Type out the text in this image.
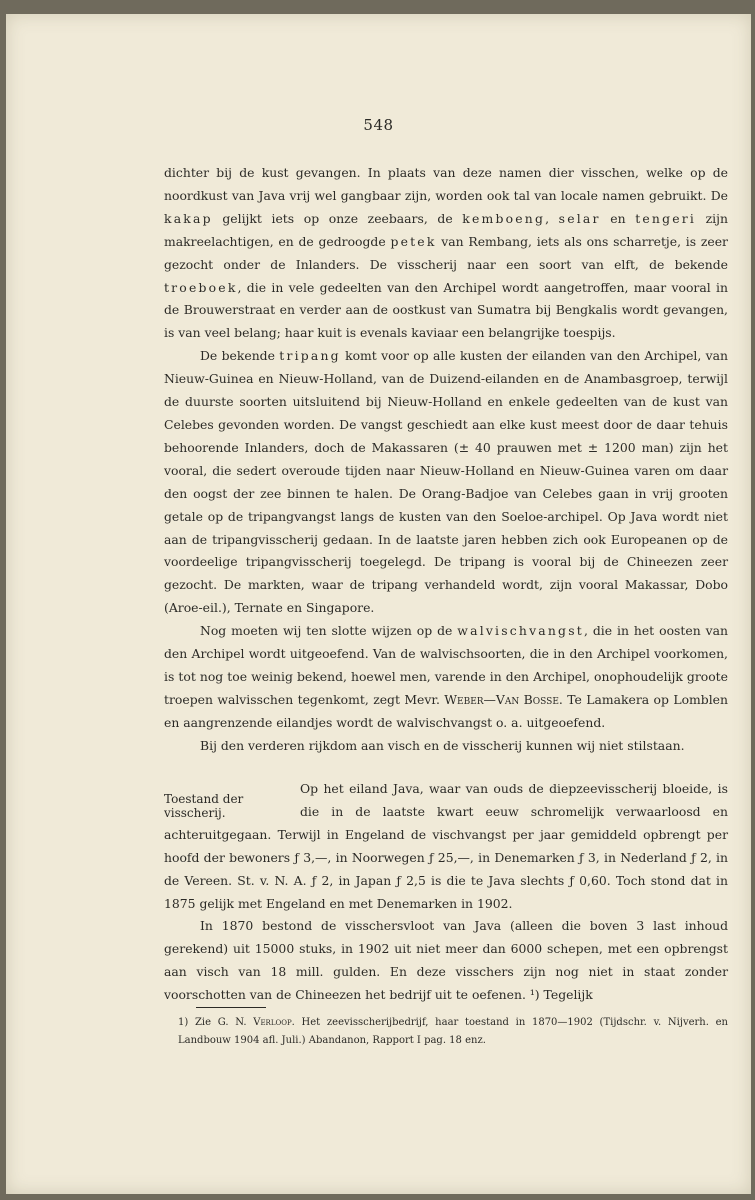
548

dichter bij de kust gevangen. In plaats van deze namen dier visschen, welke op de noordkust van Java vrij wel gangbaar zijn, worden ook tal van locale namen gebruikt. De kakap gelijkt iets op onze zeebaars, de kemboeng, selar en tengeri zijn makreelachtigen, en de gedroogde petek van Rembang, iets als ons scharretje, is zeer gezocht onder de Inlanders. De visscherij naar een soort van elft, de bekende troeboek, die in vele gedeelten van den Archipel wordt aangetroffen, maar vooral in de Brouwerstraat en verder aan de oostkust van Sumatra bij Bengkalis wordt gevangen, is van veel belang; haar kuit is evenals kaviaar een belangrijke toespijs.

De bekende tripang komt voor op alle kusten der eilanden van den Archipel, van Nieuw-Guinea en Nieuw-Holland, van de Duizend-eilanden en de Anambasgroep, terwijl de duurste soorten uitsluitend bij Nieuw-Holland en enkele gedeelten van de kust van Celebes gevonden worden. De vangst geschiedt aan elke kust meest door de daar tehuis behoorende Inlanders, doch de Makassaren (± 40 prauwen met ± 1200 man) zijn het vooral, die sedert overoude tijden naar Nieuw-Holland en Nieuw-Guinea varen om daar den oogst der zee binnen te halen. De Orang-Badjoe van Celebes gaan in vrij grooten getale op de tripangvangst langs de kusten van den Soeloe-archipel. Op Java wordt niet aan de tripangvisscherij gedaan. In de laatste jaren hebben zich ook Europeanen op de voordeelige tripangvisscherij toegelegd. De tripang is vooral bij de Chineezen zeer gezocht. De markten, waar de tripang verhandeld wordt, zijn vooral Makassar, Dobo (Aroe-eil.), Ternate en Singapore.

Nog moeten wij ten slotte wijzen op de walvischvangst, die in het oosten van den Archipel wordt uitgeoefend. Van de walvischsoorten, die in den Archipel voorkomen, is tot nog toe weinig bekend, hoewel men, varende in den Archipel, onophoudelijk groote troepen walvisschen tegenkomt, zegt Mevr. Weber—Van Bosse. Te Lamakera op Lomblen en aangrenzende eilandjes wordt de walvischvangst o. a. uitgeoefend.

Bij den verderen rijkdom aan visch en de visscherij kunnen wij niet stilstaan.

Toestand der visscherij.

Op het eiland Java, waar van ouds de diepzeevisscherij bloeide, is die in de laatste kwart eeuw schromelijk verwaarloosd en achteruitgegaan. Terwijl in Engeland de vischvangst per jaar gemiddeld opbrengt per hoofd der bewoners ƒ 3,—, in Noorwegen ƒ 25,—, in Denemarken ƒ 3, in Nederland ƒ 2, in de Vereen. St. v. N. A. ƒ 2, in Japan ƒ 2,5 is die te Java slechts ƒ 0,60. Toch stond dat in 1875 gelijk met Engeland en met Denemarken in 1902.

In 1870 bestond de visschersvloot van Java (alleen die boven 3 last inhoud gerekend) uit 15000 stuks, in 1902 uit niet meer dan 6000 schepen, met een opbrengst aan visch van 18 mill. gulden. En deze visschers zijn nog niet in staat zonder voorschotten van de Chineezen het bedrijf uit te oefenen. ¹) Tegelijk

1) Zie G. N. Verloop. Het zeevisscherijbedrijf, haar toestand in 1870—1902 (Tijdschr. v. Nijverh. en Landbouw 1904 afl. Juli.) Abandanon, Rapport I pag. 18 enz.
